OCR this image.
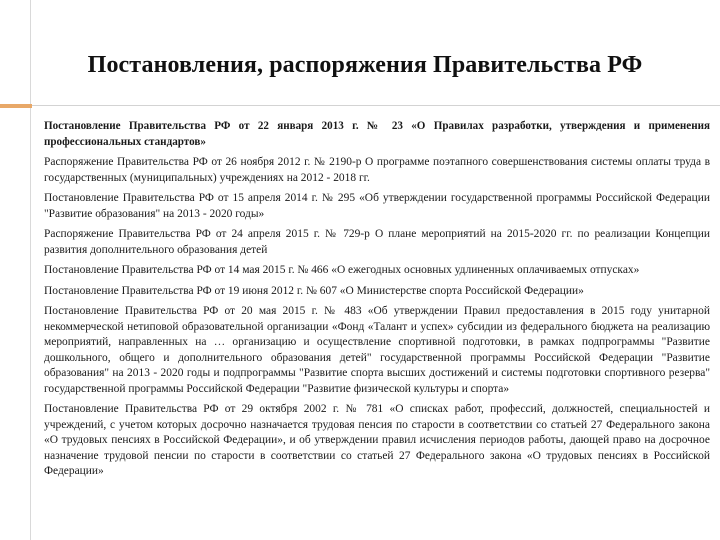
Постановления, распоряжения Правительства РФ

Постановление Правительства РФ от 22 января 2013 г. № 23 «О Правилах разработки, утверждения и применения профессиональных стандартов»

Распоряжение Правительства РФ от 26 ноября 2012 г. № 2190-р О программе поэтапного совершенствования системы оплаты труда в государственных (муниципальных) учреждениях на 2012 - 2018 гг.

Постановление Правительства РФ от 15 апреля 2014 г. № 295 «Об утверждении государственной программы Российской Федерации "Развитие образования" на 2013 - 2020 годы»

Распоряжение Правительства РФ от 24 апреля 2015 г. № 729-р О плане мероприятий на 2015-2020 гг. по реализации Концепции развития дополнительного образования детей

Постановление Правительства РФ от 14 мая 2015 г. № 466 «О ежегодных основных удлиненных оплачиваемых отпусках»

Постановление Правительства РФ от 19 июня 2012 г. № 607 «О Министерстве спорта Российской Федерации»

Постановление Правительства РФ от 20 мая 2015 г. № 483 «Об утверждении Правил предоставления в 2015 году унитарной некоммерческой нетиповой образовательной организации «Фонд «Талант и успех» субсидии из федерального бюджета на реализацию мероприятий, направленных на … организацию и осуществление спортивной подготовки, в рамках подпрограммы "Развитие дошкольного, общего и дополнительного образования детей" государственной программы Российской Федерации "Развитие образования" на 2013 - 2020 годы и подпрограммы "Развитие спорта высших достижений и системы подготовки спортивного резерва" государственной программы Российской Федерации "Развитие физической культуры и спорта»

Постановление Правительства РФ от 29 октября 2002 г. № 781 «О списках работ, профессий, должностей, специальностей и учреждений, с учетом которых досрочно назначается трудовая пенсия по старости в соответствии со статьей 27 Федерального закона «О трудовых пенсиях в Российской Федерации», и об утверждении правил исчисления периодов работы, дающей право на досрочное назначение трудовой пенсии по старости в соответствии со статьей 27 Федерального закона «О трудовых пенсиях в Российской Федерации»
